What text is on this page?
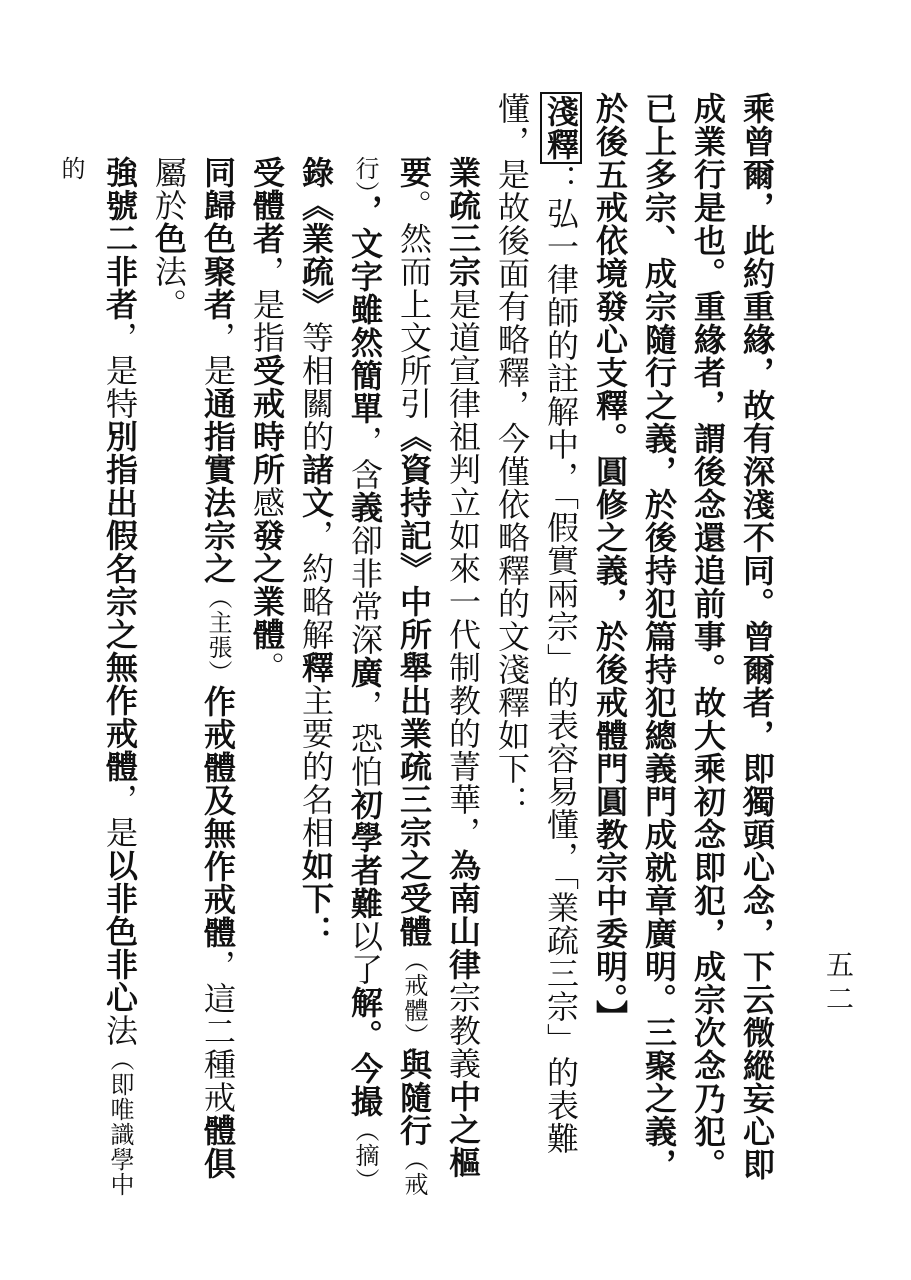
五二

乘曾爾，此約重緣，故有深淺不同。曾爾者，即獨頭心念，下云微縱妄心即成業行是也。重緣者，謂後念還追前事。故大乘初念即犯，成宗次念乃犯。已上多宗、成宗隨行之義，於後持犯篇持犯總義門成就章廣明。三聚之義，於後五戒依境發心支釋。圓修之義，於後戒體門圓教宗中委明。】

淺釋：弘一律師的註解中，「假實兩宗」的表容易懂，「業疏三宗」的表難懂，是故後面有略釋，今僅依略釋的文淺釋如下：

業疏三宗是道宣律祖判立如來一代制教的菁華，為南山律宗教義中之樞要。然而上文所引《資持記》中所舉出業疏三宗之受體（戒體）與隨行（戒行），文字雖然簡單，含義卻非常深廣，恐怕初學者難以了解。今撮（摘）錄《業疏》等相關的諸文，約略解釋主要的名相如下：

受體者，是指受戒時所感發之業體。

同歸色聚者，是通指實法宗之（主張）作戒體及無作戒體，這二種戒體俱屬於色法。

強號二非者，是特別指出假名宗之無作戒體，是以非色非心法（即唯識學中的
